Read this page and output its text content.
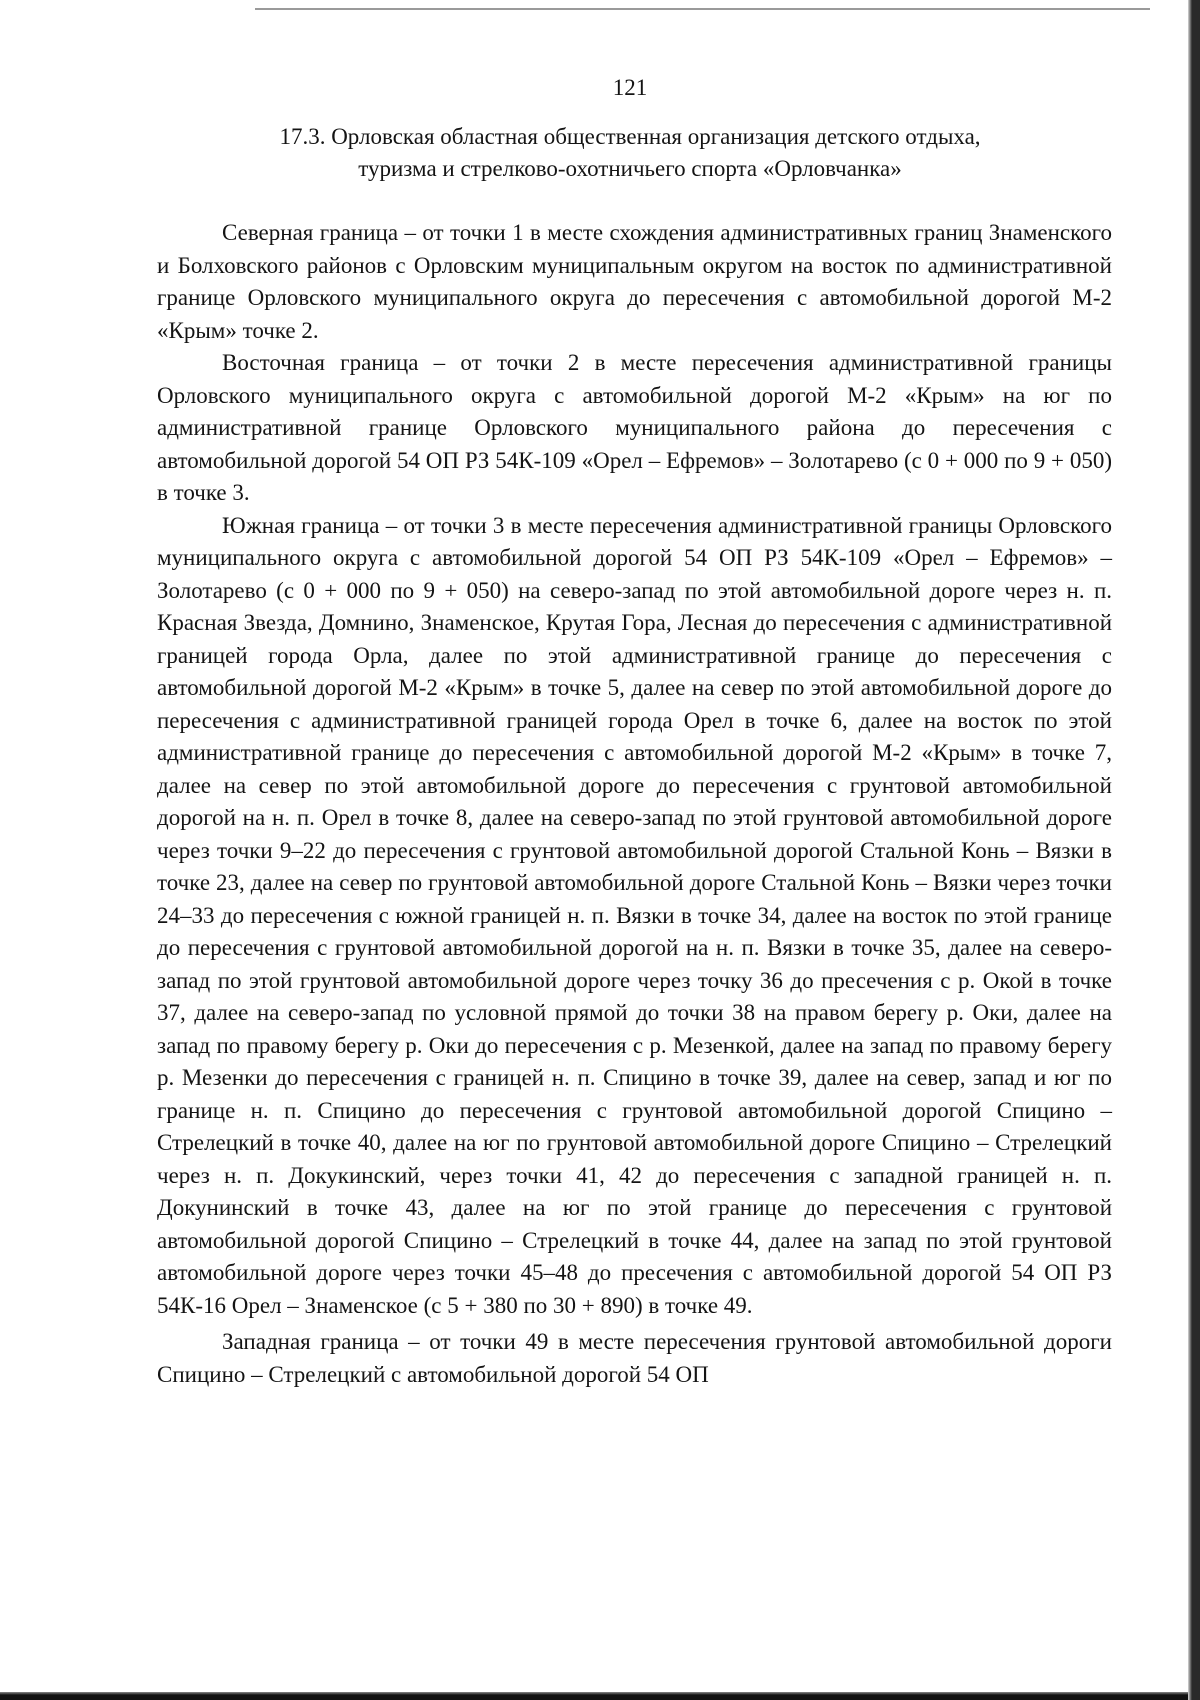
121
17.3. Орловская областная общественная организация детского отдыха,
туризма и стрелково-охотничьего спорта «Орловчанка»

Северная граница – от точки 1 в месте схождения административных границ Знаменского и Болховского районов с Орловским муниципальным округом на восток по административной границе Орловского муниципального округа до пересечения с автомобильной дорогой М-2 «Крым» точке 2.

Восточная граница – от точки 2 в месте пересечения административной границы Орловского муниципального округа с автомобильной дорогой М-2 «Крым» на юг по административной границе Орловского муниципального района до пересечения с автомобильной дорогой 54 ОП РЗ 54К-109 «Орел – Ефремов» – Золотарево (с 0 + 000 по 9 + 050) в точке 3.

Южная граница – от точки 3 в месте пересечения административной границы Орловского муниципального округа с автомобильной дорогой 54 ОП РЗ 54К-109 «Орел – Ефремов» – Золотарево (с 0 + 000 по 9 + 050) на северо-запад по этой автомобильной дороге через н. п. Красная Звезда, Домнино, Знаменское, Крутая Гора, Лесная до пересечения с административной границей города Орла, далее по этой административной границе до пересечения с автомобильной дорогой М-2 «Крым» в точке 5, далее на север по этой автомобильной дороге до пересечения с административной границей города Орел в точке 6, далее на восток по этой административной границе до пересечения с автомобильной дорогой М-2 «Крым» в точке 7, далее на север по этой автомобильной дороге до пересечения с грунтовой автомобильной дорогой на н. п. Орел в точке 8, далее на северо-запад по этой грунтовой автомобильной дороге через точки 9–22 до пересечения с грунтовой автомобильной дорогой Стальной Конь – Вязки в точке 23, далее на север по грунтовой автомобильной дороге Стальной Конь – Вязки через точки 24–33 до пересечения с южной границей н. п. Вязки в точке 34, далее на восток по этой границе до пересечения с грунтовой автомобильной дорогой на н. п. Вязки в точке 35, далее на северо-запад по этой грунтовой автомобильной дороге через точку 36 до пресечения с р. Окой в точке 37, далее на северо-запад по условной прямой до точки 38 на правом берегу р. Оки, далее на запад по правому берегу р. Оки до пересечения с р. Мезенкой, далее на запад по правому берегу р. Мезенки до пересечения с границей н. п. Спицино в точке 39, далее на север, запад и юг по границе н. п. Спицино до пересечения с грунтовой автомобильной дорогой Спицино – Стрелецкий в точке 40, далее на юг по грунтовой автомобильной дороге Спицино – Стрелецкий через н. п. Докукинский, через точки 41, 42 до пересечения с западной границей н. п. Докунинский в точке 43, далее на юг по этой границе до пересечения с грунтовой автомобильной дорогой Спицино – Стрелецкий в точке 44, далее на запад по этой грунтовой автомобильной дороге через точки 45–48 до пресечения с автомобильной дорогой 54 ОП РЗ 54К-16 Орел – Знаменское (с 5 + 380 по 30 + 890) в точке 49.

Западная граница – от точки 49 в месте пересечения грунтовой автомобильной дороги Спицино – Стрелецкий с автомобильной дорогой 54 ОП
